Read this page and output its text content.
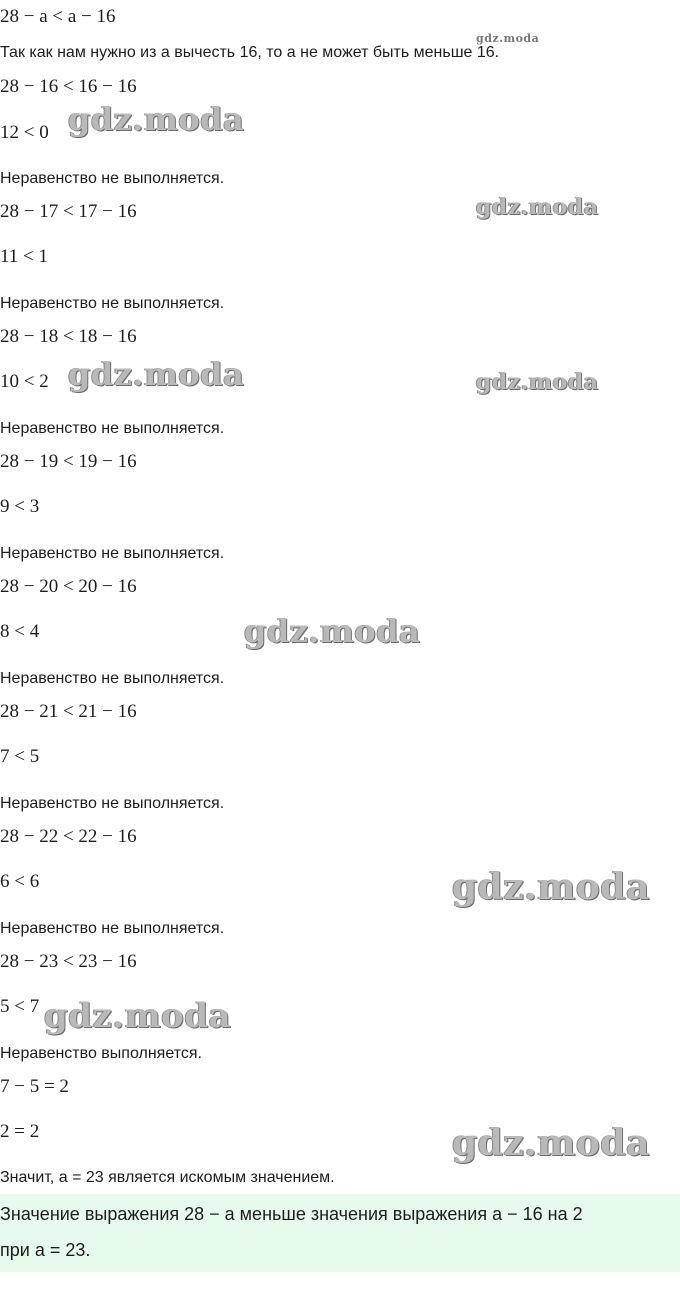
28 − a < a − 16
Так как нам нужно из a вычесть 16, то a не может быть меньше 16.
28 − 16 < 16 − 16
12 < 0
Неравенство не выполняется.
28 − 17 < 17 − 16
11 < 1
Неравенство не выполняется.
28 − 18 < 18 − 16
10 < 2
Неравенство не выполняется.
28 − 19 < 19 − 16
9 < 3
Неравенство не выполняется.
28 − 20 < 20 − 16
8 < 4
Неравенство не выполняется.
28 − 21 < 21 − 16
7 < 5
Неравенство не выполняется.
28 − 22 < 22 − 16
6 < 6
Неравенство не выполняется.
28 − 23 < 23 − 16
5 < 7
Неравенство выполняется.
7 − 5 = 2
2 = 2
Значит, a = 23 является искомым значением.
Значение выражения 28 − a меньше значения выражения a − 16 на 2
при a = 23.
gdz.moda
gdz.moda
gdz.moda
gdz.moda	gdz.moda
gdz.moda
gdz.moda
gdz.moda
gdz.moda
